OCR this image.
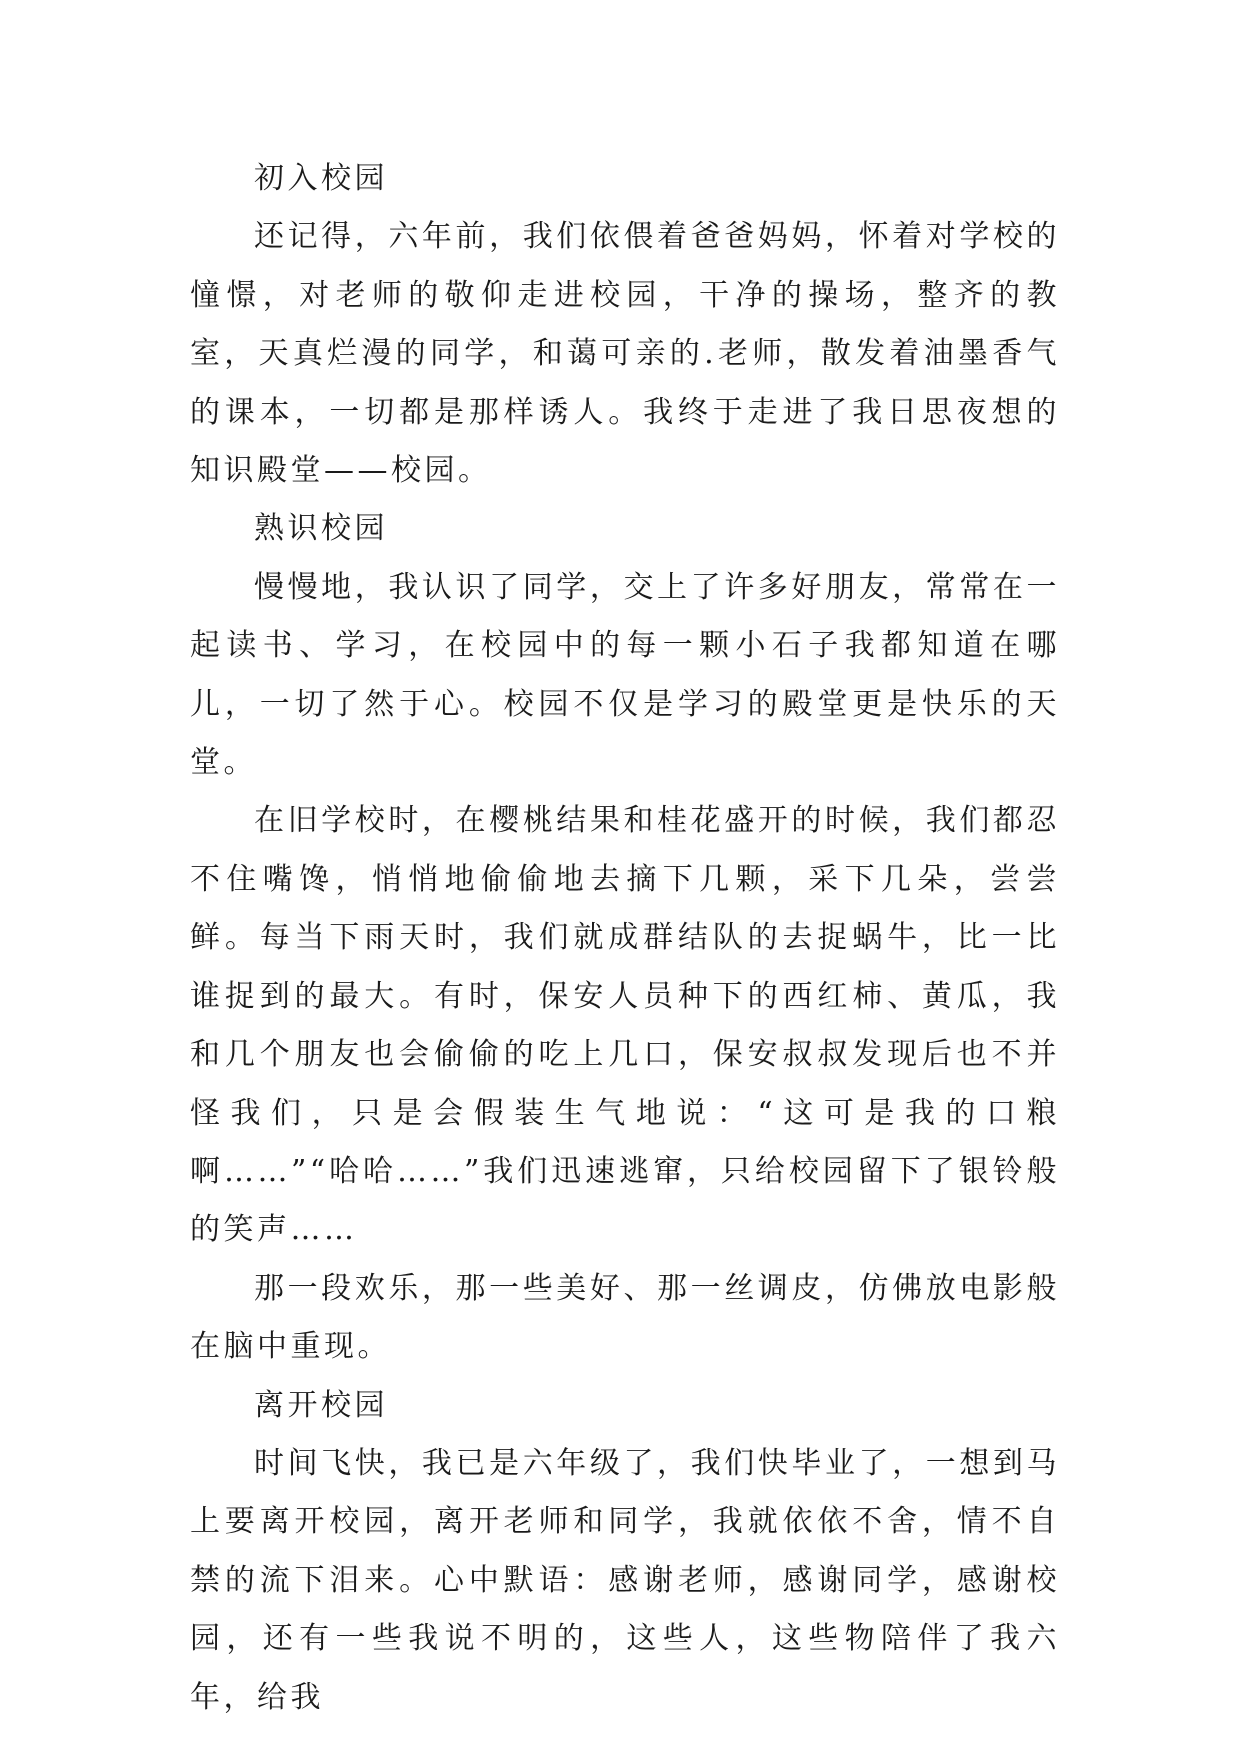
初入校园

还记得，六年前，我们依偎着爸爸妈妈，怀着对学校的憧憬，对老师的敬仰走进校园，干净的操场，整齐的教室，天真烂漫的同学，和蔼可亲的.老师，散发着油墨香气的课本，一切都是那样诱人。我终于走进了我日思夜想的知识殿堂——校园。

熟识校园

慢慢地，我认识了同学，交上了许多好朋友，常常在一起读书、学习，在校园中的每一颗小石子我都知道在哪儿，一切了然于心。校园不仅是学习的殿堂更是快乐的天堂。

在旧学校时，在樱桃结果和桂花盛开的时候，我们都忍不住嘴馋，悄悄地偷偷地去摘下几颗，采下几朵，尝尝鲜。每当下雨天时，我们就成群结队的去捉蜗牛，比一比谁捉到的最大。有时，保安人员种下的西红柿、黄瓜，我和几个朋友也会偷偷的吃上几口，保安叔叔发现后也不并怪我们，只是会假装生气地说：“这可是我的口粮啊……”“哈哈……”我们迅速逃窜，只给校园留下了银铃般的笑声……

那一段欢乐，那一些美好、那一丝调皮，仿佛放电影般在脑中重现。

离开校园

时间飞快，我已是六年级了，我们快毕业了，一想到马上要离开校园，离开老师和同学，我就依依不舍，情不自禁的流下泪来。心中默语：感谢老师，感谢同学，感谢校园，还有一些我说不明的，这些人，这些物陪伴了我六年，给我
